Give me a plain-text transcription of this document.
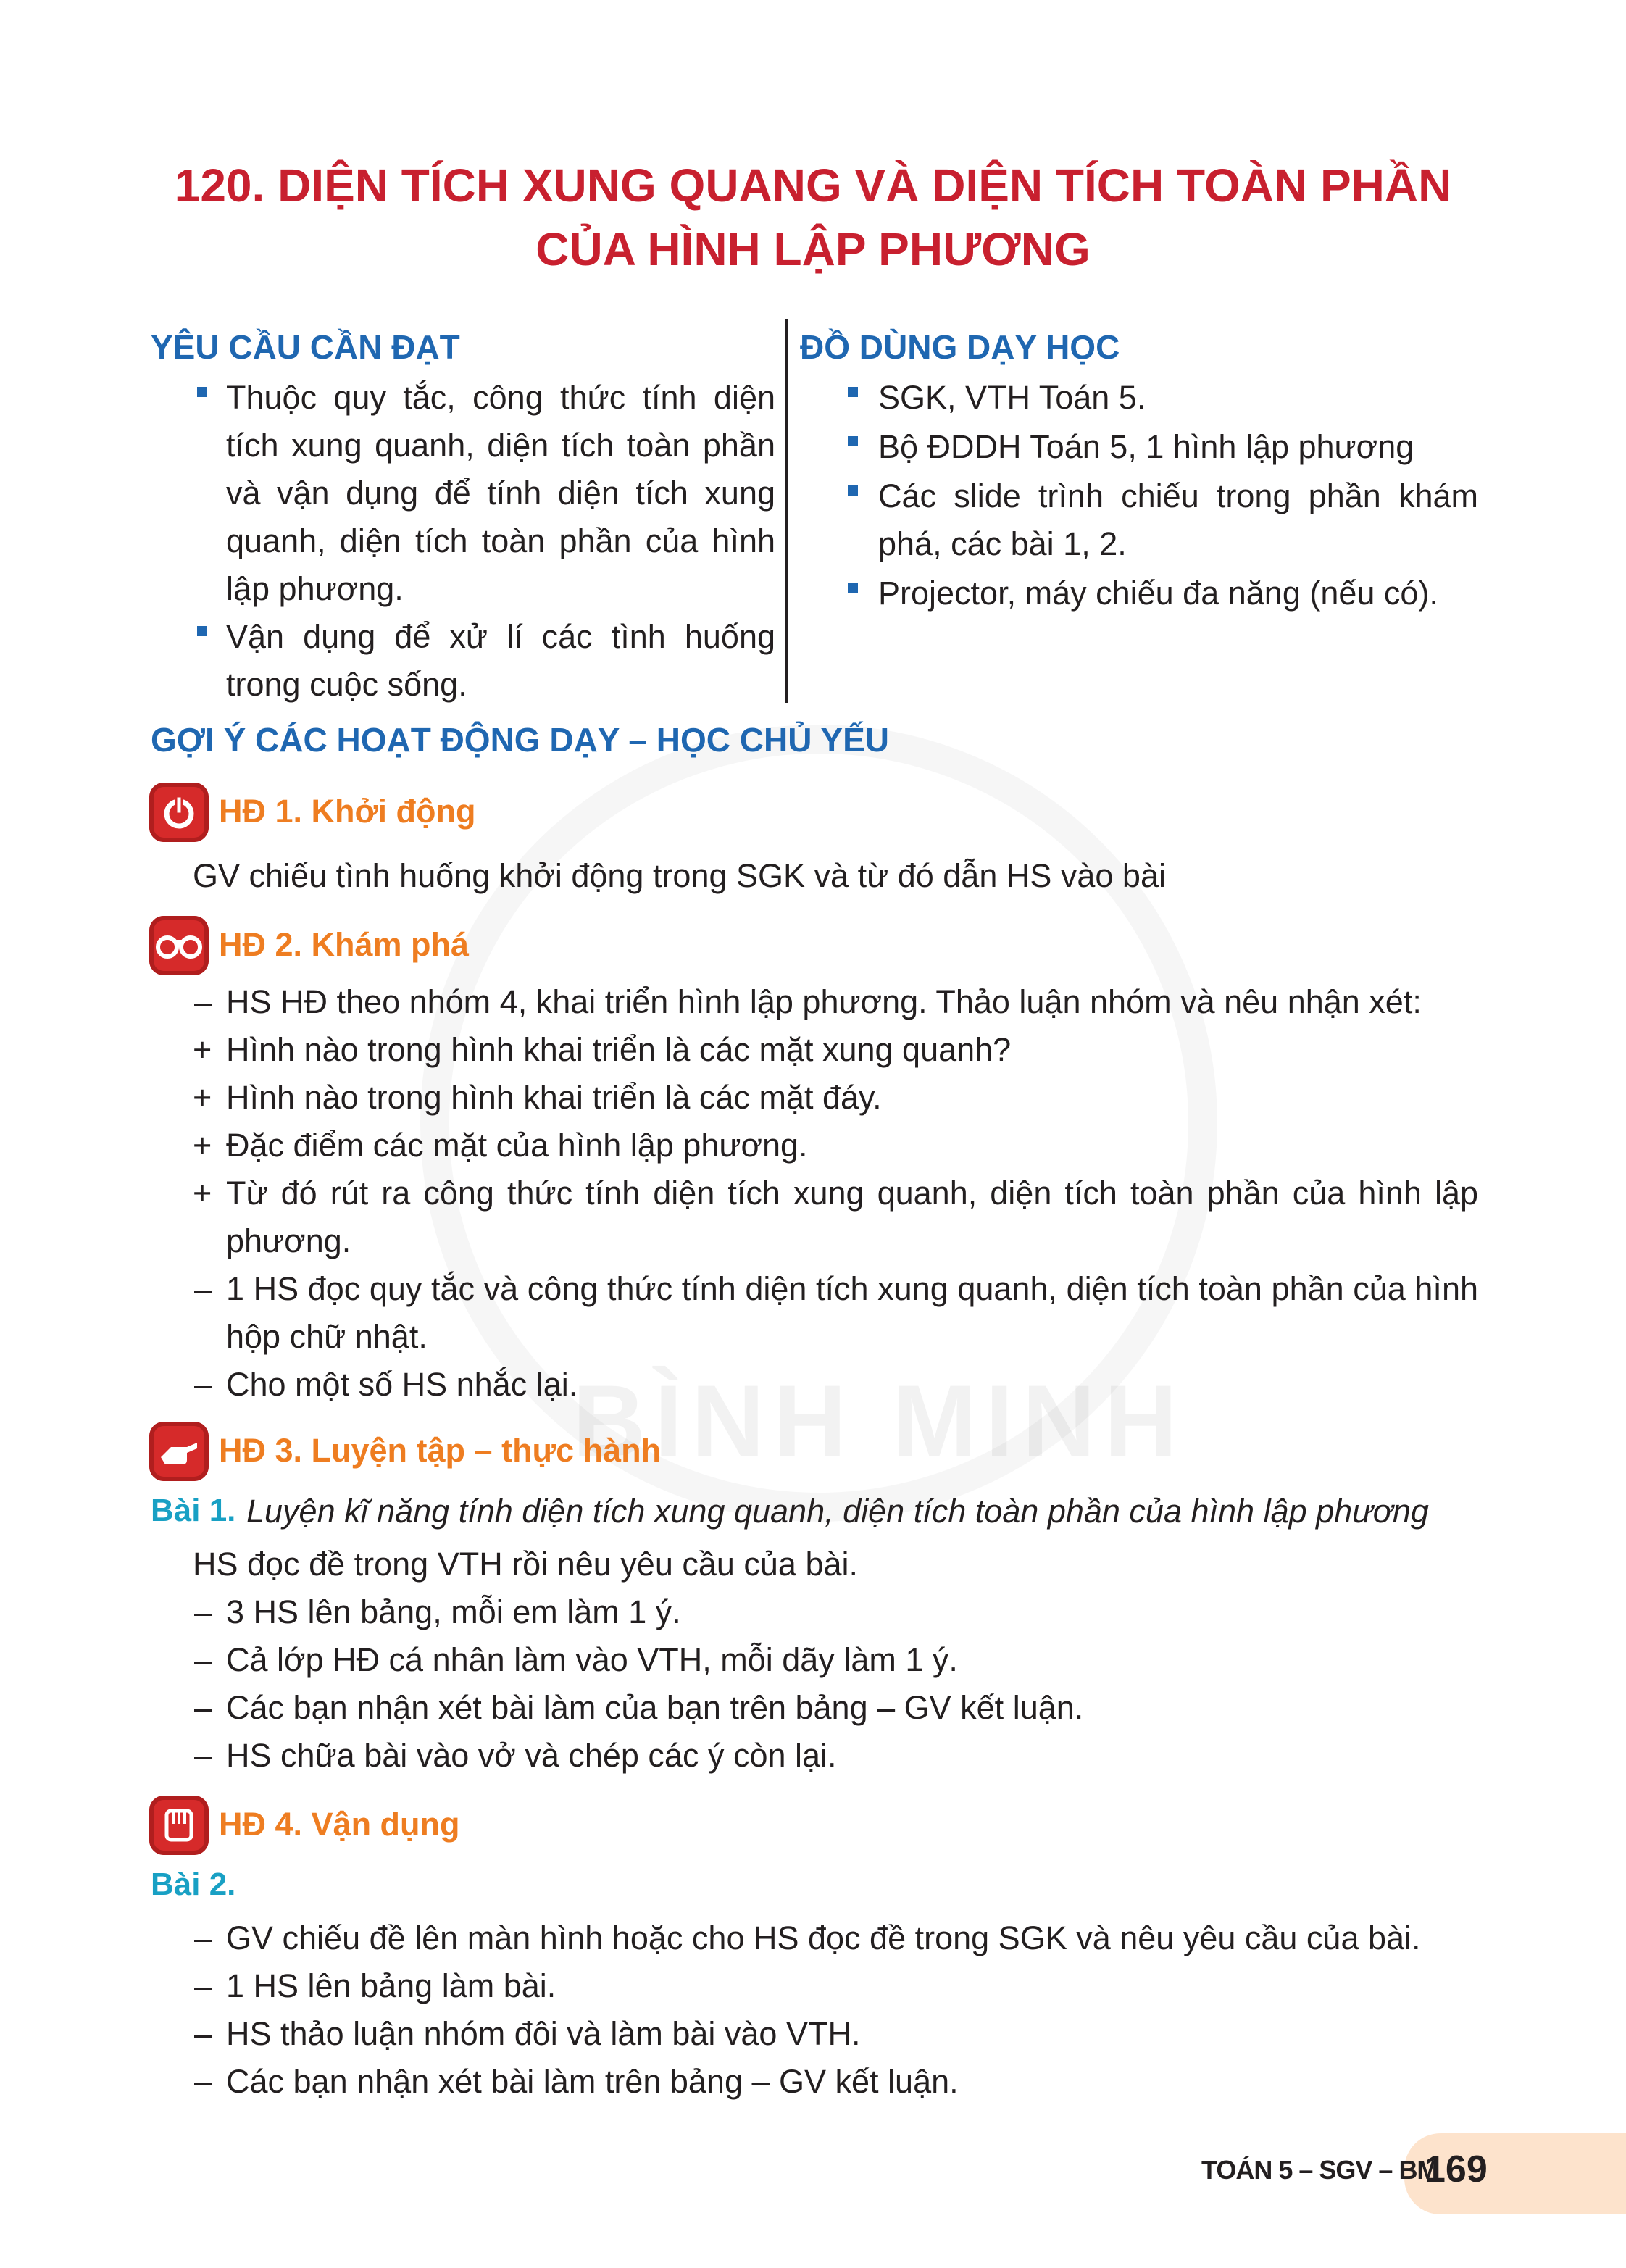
BÌNH MINH
120. DIỆN TÍCH XUNG QUANG VÀ DIỆN TÍCH TOÀN PHẦN
CỦA HÌNH LẬP PHƯƠNG
YÊU CẦU CẦN ĐẠT
Thuộc quy tắc, công thức tính diện tích xung quanh, diện tích toàn phần và vận dụng để tính diện tích xung quanh, diện tích toàn phần của hình lập phương.
Vận dụng để xử lí các tình huống trong cuộc sống.
ĐỒ DÙNG DẠY HỌC
SGK, VTH Toán 5.
Bộ ĐDDH Toán 5, 1 hình lập phương
Các slide trình chiếu trong phần khám phá, các bài 1, 2.
Projector, máy chiếu đa năng (nếu có).
GỢI Ý CÁC HOẠT ĐỘNG DẠY – HỌC CHỦ YẾU
HĐ 1. Khởi động
GV chiếu tình huống khởi động trong SGK và từ đó dẫn HS vào bài
HĐ 2. Khám phá
– HS HĐ theo nhóm 4, khai triển hình lập phương. Thảo luận nhóm và nêu nhận xét:
+ Hình nào trong hình khai triển là các mặt xung quanh?
+ Hình nào trong hình khai triển là các mặt đáy.
+ Đặc điểm các mặt của hình lập phương.
+ Từ đó rút ra công thức tính diện tích xung quanh, diện tích toàn phần của hình lập phương.
– 1 HS đọc quy tắc và công thức tính diện tích xung quanh, diện tích toàn phần của hình hộp chữ nhật.
– Cho một số HS nhắc lại.
HĐ 3. Luyện tập – thực hành
Bài 1. Luyện kĩ năng tính diện tích xung quanh, diện tích toàn phần của hình lập phương
HS đọc đề trong VTH rồi nêu yêu cầu của bài.
– 3 HS lên bảng, mỗi em làm 1 ý.
– Cả lớp HĐ cá nhân làm vào VTH, mỗi dãy làm 1 ý.
– Các bạn nhận xét bài làm của bạn trên bảng – GV kết luận.
– HS chữa bài vào vở và chép các ý còn lại.
HĐ 4. Vận dụng
Bài 2.
– GV chiếu đề lên màn hình hoặc cho HS đọc đề trong SGK và nêu yêu cầu của bài.
– 1 HS lên bảng làm bài.
– HS thảo luận nhóm đôi và làm bài vào VTH.
– Các bạn nhận xét bài làm trên bảng – GV kết luận.
TOÁN 5 – SGV – BM
169
